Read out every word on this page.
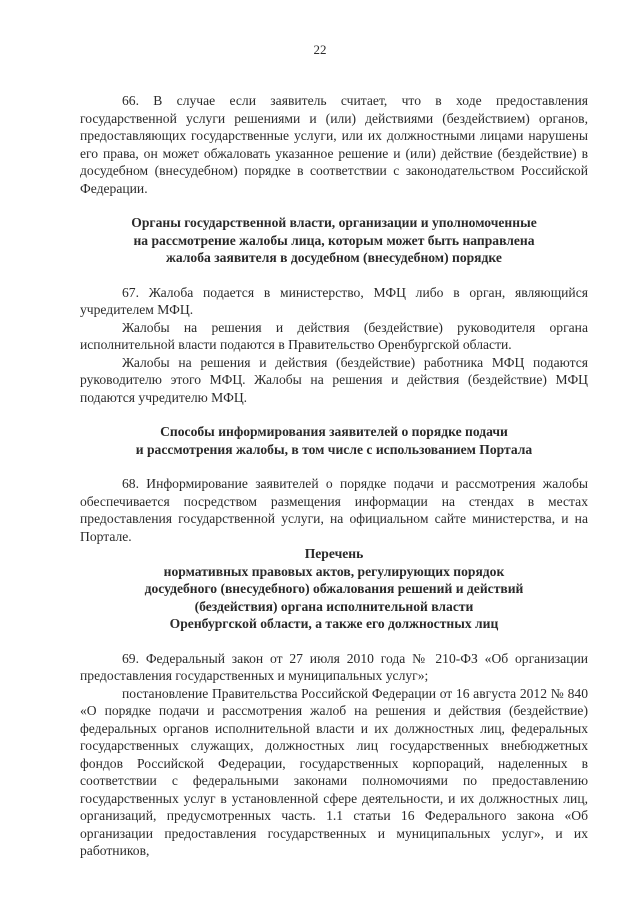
22

66. В случае если заявитель считает, что в ходе предоставления государственной услуги решениями и (или) действиями (бездействием) органов, предоставляющих государственные услуги, или их должностными лицами нарушены его права, он может обжаловать указанное решение и (или) действие (бездействие) в досудебном (внесудебном) порядке в соответствии с законодательством Российской Федерации.

Органы государственной власти, организации и уполномоченные

на рассмотрение жалобы лица, которым может быть направлена

жалоба заявителя в досудебном (внесудебном) порядке

67. Жалоба подается в министерство, МФЦ либо в орган, являющийся учредителем МФЦ.

Жалобы на решения и действия (бездействие) руководителя органа исполнительной власти подаются в Правительство Оренбургской области.

Жалобы на решения и действия (бездействие) работника МФЦ подаются руководителю этого МФЦ. Жалобы на решения и действия (бездействие) МФЦ подаются учредителю МФЦ.

Способы информирования заявителей о порядке подачи

и рассмотрения жалобы, в том числе с использованием Портала

68. Информирование заявителей о порядке подачи и рассмотрения жалобы обеспечивается посредством размещения информации на стендах в местах предоставления государственной услуги, на официальном сайте министерства, и на Портале.

Перечень

нормативных правовых актов, регулирующих порядок

досудебного (внесудебного) обжалования решений и действий

(бездействия) органа исполнительной власти

Оренбургской области, а также его должностных лиц

69. Федеральный закон от 27 июля 2010 года № 210-ФЗ «Об организации предоставления государственных и муниципальных услуг»;

постановление Правительства Российской Федерации от 16 августа 2012 № 840 «О порядке подачи и рассмотрения жалоб на решения и действия (бездействие) федеральных органов исполнительной власти и их должностных лиц, федеральных государственных служащих, должностных лиц государственных внебюджетных фондов Российской Федерации, государственных корпораций, наделенных в соответствии с федеральными законами полномочиями по предоставлению государственных услуг в установленной сфере деятельности, и их должностных лиц, организаций, предусмотренных часть. 1.1 статьи 16 Федерального закона «Об организации предоставления государственных и муниципальных услуг», и их работников,
